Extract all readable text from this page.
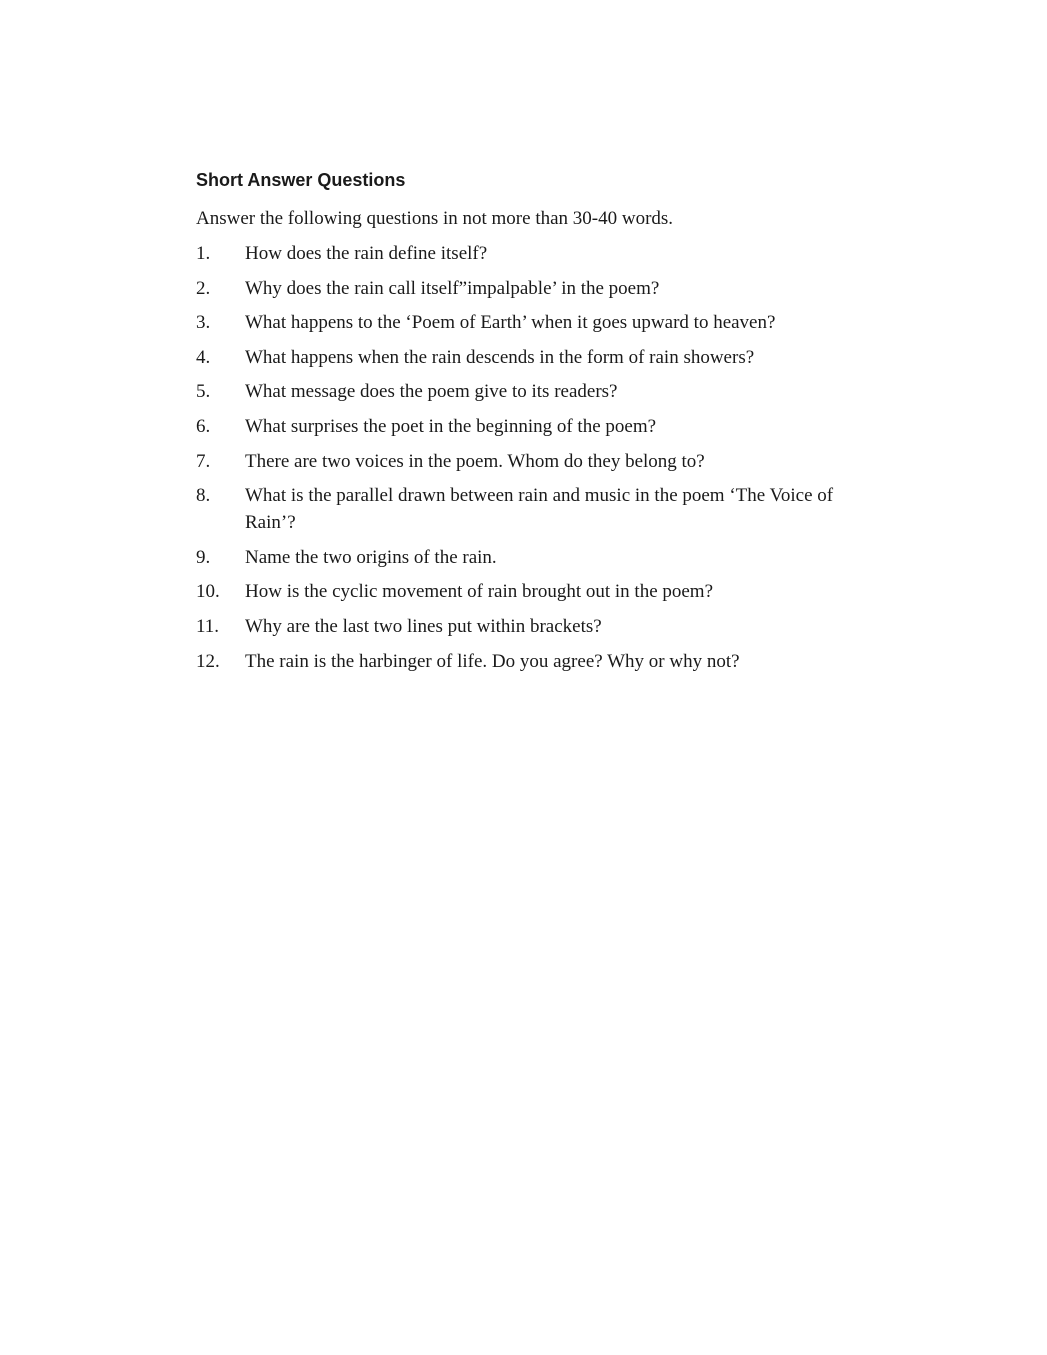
Short Answer Questions

Answer the following questions in not more than 30-40 words.

1.	How does the rain define itself?
2.	Why does the rain call itself”impalpable’ in the poem?
3.	What happens to the ‘Poem of Earth’ when it goes upward to heaven?
4.	What happens when the rain descends in the form of rain showers?
5.	What message does the poem give to its readers?
6.	What surprises the poet in the beginning of the poem?
7.	There are two voices in the poem. Whom do they belong to?
8.	What is the parallel drawn between rain and music in the poem ‘The Voice of Rain’?
9.	Name the two origins of the rain.
10.	How is the cyclic movement of rain brought out in the poem?
11.	Why are the last two lines put within brackets?
12.	The rain is the harbinger of life. Do you agree? Why or why not?
